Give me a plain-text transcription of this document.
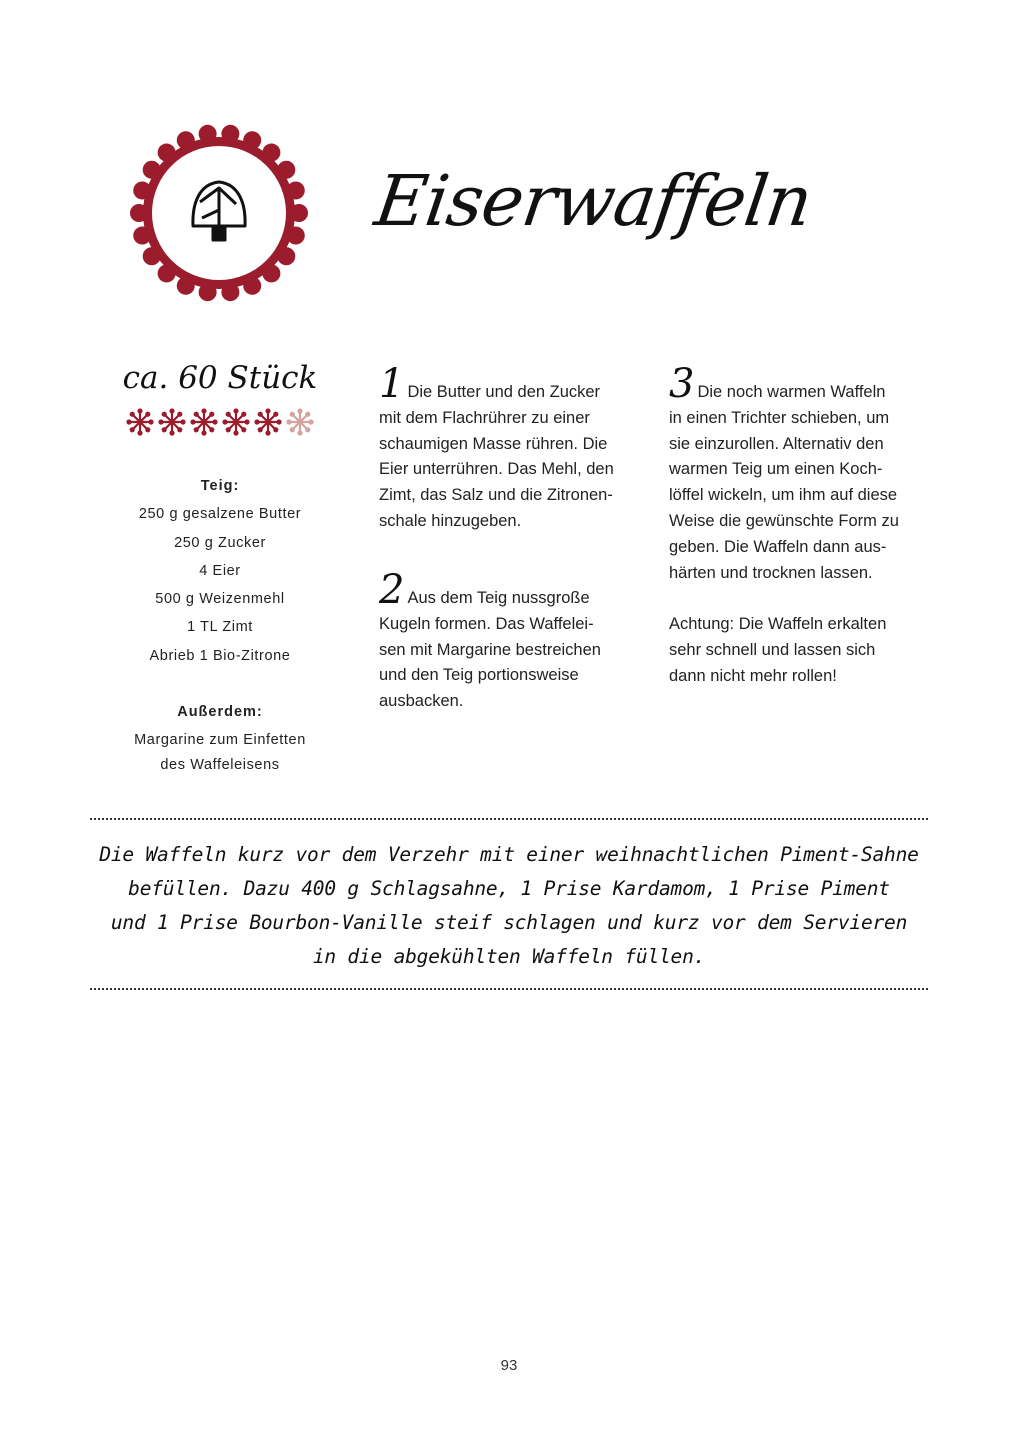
Eiserwaffeln
ca. 60 Stück
Teig:
250 g gesalzene Butter
250 g Zucker
4 Eier
500 g Weizenmehl
1 TL Zimt
Abrieb 1 Bio-Zitrone
Außerdem:
Margarine zum Einfetten
des Waffeleisens
1 Die Butter und den Zucker
mit dem Flachrührer zu einer
schaumigen Masse rühren. Die
Eier unterrühren. Das Mehl, den
Zimt, das Salz und die Zitronen-
schale hinzugeben.
2 Aus dem Teig nussgroße
Kugeln formen. Das Waffelei-
sen mit Margarine bestreichen
und den Teig portionsweise
ausbacken.
3 Die noch warmen Waffeln
in einen Trichter schieben, um
sie einzurollen. Alternativ den
warmen Teig um einen Koch-
löffel wickeln, um ihm auf diese
Weise die gewünschte Form zu
geben. Die Waffeln dann aus-
härten und trocknen lassen.
Achtung: Die Waffeln erkalten
sehr schnell und lassen sich
dann nicht mehr rollen!
Die Waffeln kurz vor dem Verzehr mit einer weihnachtlichen Piment-Sahne
befüllen. Dazu 400 g Schlagsahne, 1 Prise Kardamom, 1 Prise Piment
und 1 Prise Bourbon-Vanille steif schlagen und kurz vor dem Servieren
in die abgekühlten Waffeln füllen.
93
